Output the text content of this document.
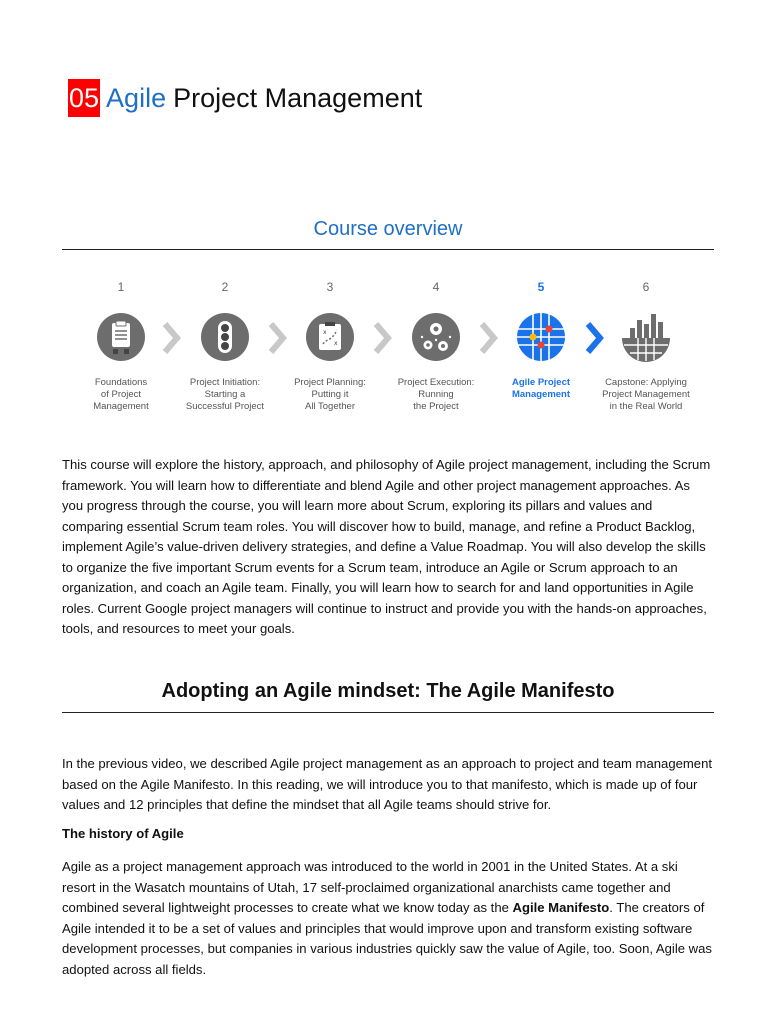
05 Agile Project Management
Course overview
1
Foundations
of Project
Management
2
Project Initiation:
Starting a
Successful Project
3
x
x
Project Planning:
Putting it
All Together
4
Project Execution:
Running
the Project
5
Agile Project
Management
6
Capstone: Applying
Project Management
in the Real World
This course will explore the history, approach, and philosophy of Agile project management, including the Scrum framework. You will learn how to differentiate and blend Agile and other project management approaches. As you progress through the course, you will learn more about Scrum, exploring its pillars and values and comparing essential Scrum team roles. You will discover how to build, manage, and refine a Product Backlog, implement Agile’s value-driven delivery strategies, and define a Value Roadmap. You will also develop the skills to organize the five important Scrum events for a Scrum team, introduce an Agile or Scrum approach to an organization, and coach an Agile team. Finally, you will learn how to search for and land opportunities in Agile roles. Current Google project managers will continue to instruct and provide you with the hands-on approaches, tools, and resources to meet your goals.
Adopting an Agile mindset: The Agile Manifesto
In the previous video, we described Agile project management as an approach to project and team management based on the Agile Manifesto. In this reading, we will introduce you to that manifesto, which is made up of four values and 12 principles that define the mindset that all Agile teams should strive for.
The history of Agile
Agile as a project management approach was introduced to the world in 2001 in the United States. At a ski resort in the Wasatch mountains of Utah, 17 self-proclaimed organizational anarchists came together and combined several lightweight processes to create what we know today as the Agile Manifesto. The creators of Agile intended it to be a set of values and principles that would improve upon and transform existing software development processes, but companies in various industries quickly saw the value of Agile, too. Soon, Agile was adopted across all fields.
